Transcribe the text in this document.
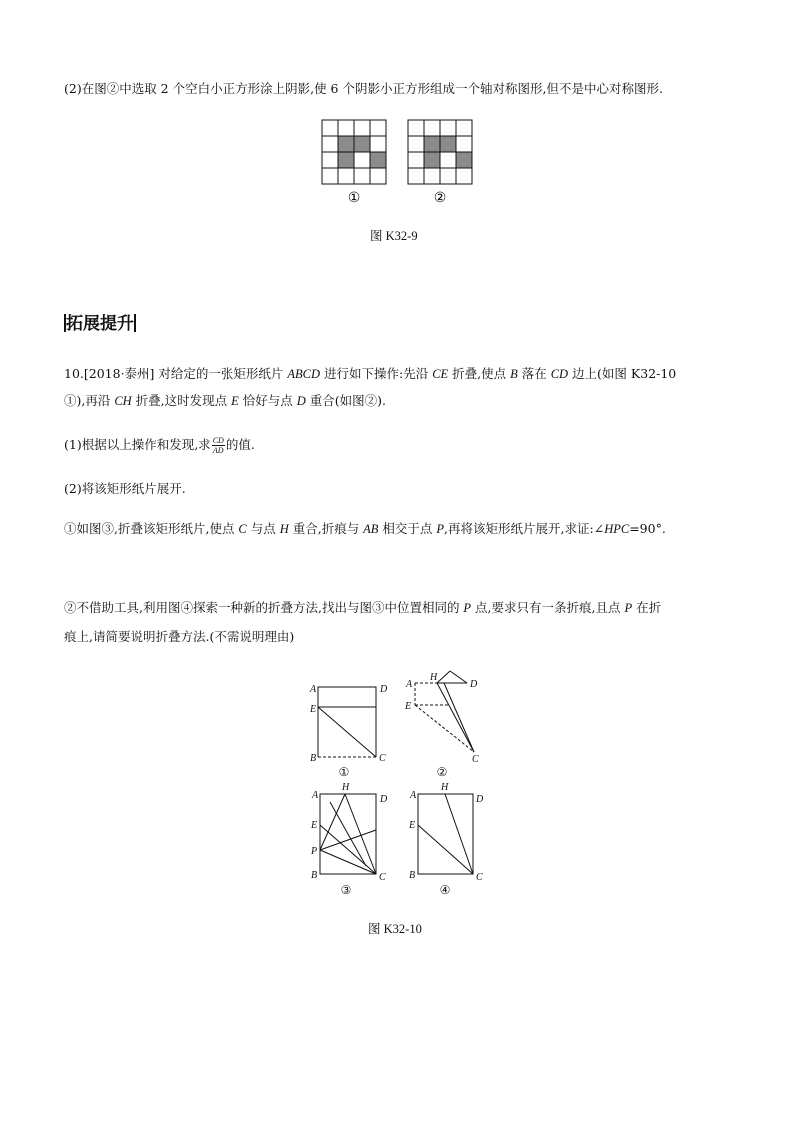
(2)在图②中选取 2 个空白小正方形涂上阴影,使 6 个阴影小正方形组成一个轴对称图形,但不是中心对称图形.
①	②
图 K32-9
拓展提升
10.[2018·泰州] 对给定的一张矩形纸片 ABCD 进行如下操作:先沿 CE 折叠,使点 B 落在 CD 边上(如图 K32-10
①),再沿 CH 折叠,这时发现点 E 恰好与点 D 重合(如图②).
(1)根据以上操作和发现,求 $\frac{CD}{AD}$ 的值.
(2)将该矩形纸片展开.
①如图③,折叠该矩形纸片,使点 C 与点 H 重合,折痕与 AB 相交于点 P,再将该矩形纸片展开,求证:∠HPC=90°.
②不借助工具,利用图④探索一种新的折叠方法,找出与图③中位置相同的 P 点,要求只有一条折痕,且点 P 在折
痕上,请简要说明折叠方法.(不需说明理由)
A	D
E
B	C
①
A
H
D
E
C
②
A
H
D
E
P
B	C
③
A
H
D
E
B	C
④
图 K32-10
